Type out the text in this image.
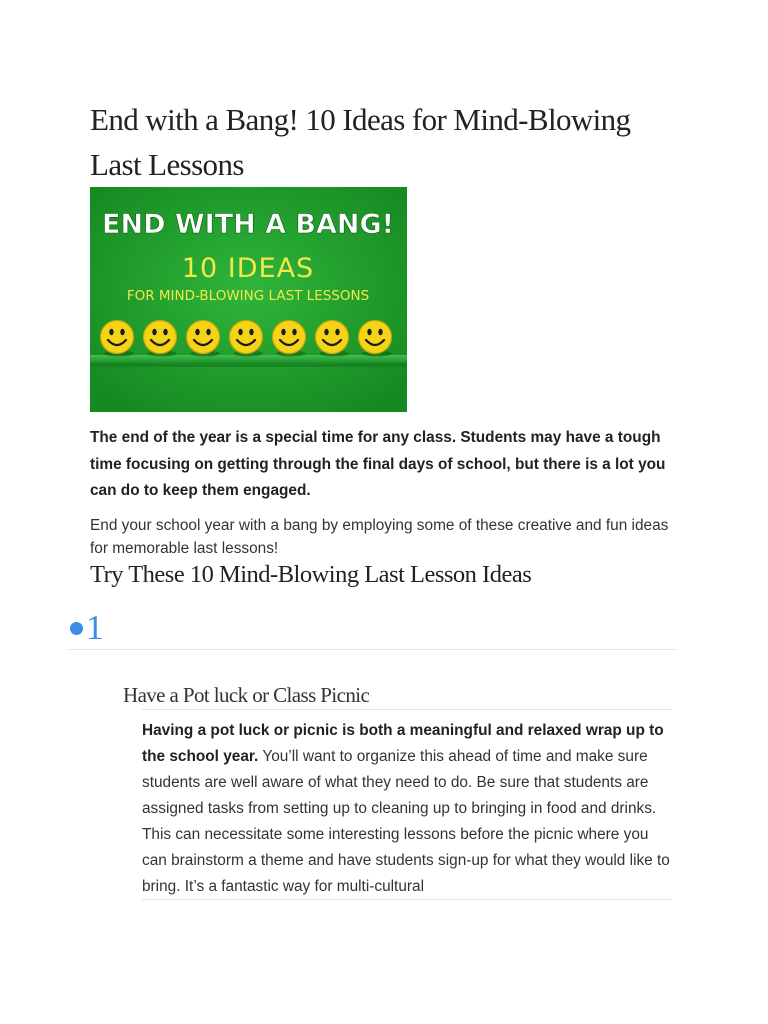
End with a Bang! 10 Ideas for Mind-Blowing Last Lessons
END WITH A BANG!
10 IDEAS
FOR MIND-BLOWING LAST LESSONS

The end of the year is a special time for any class. Students may have a tough time focusing on getting through the final days of school, but there is a lot you can do to keep them engaged.

End your school year with a bang by employing some of these creative and fun ideas for memorable last lessons!

Try These 10 Mind-Blowing Last Lesson Ideas
1
Have a Pot luck or Class Picnic

Having a pot luck or picnic is both a meaningful and relaxed wrap up to the school year. You’ll want to organize this ahead of time and make sure students are well aware of what they need to do. Be sure that students are assigned tasks from setting up to cleaning up to bringing in food and drinks. This can necessitate some interesting lessons before the picnic where you can brainstorm a theme and have students sign-up for what they would like to bring. It’s a fantastic way for multi-cultural
